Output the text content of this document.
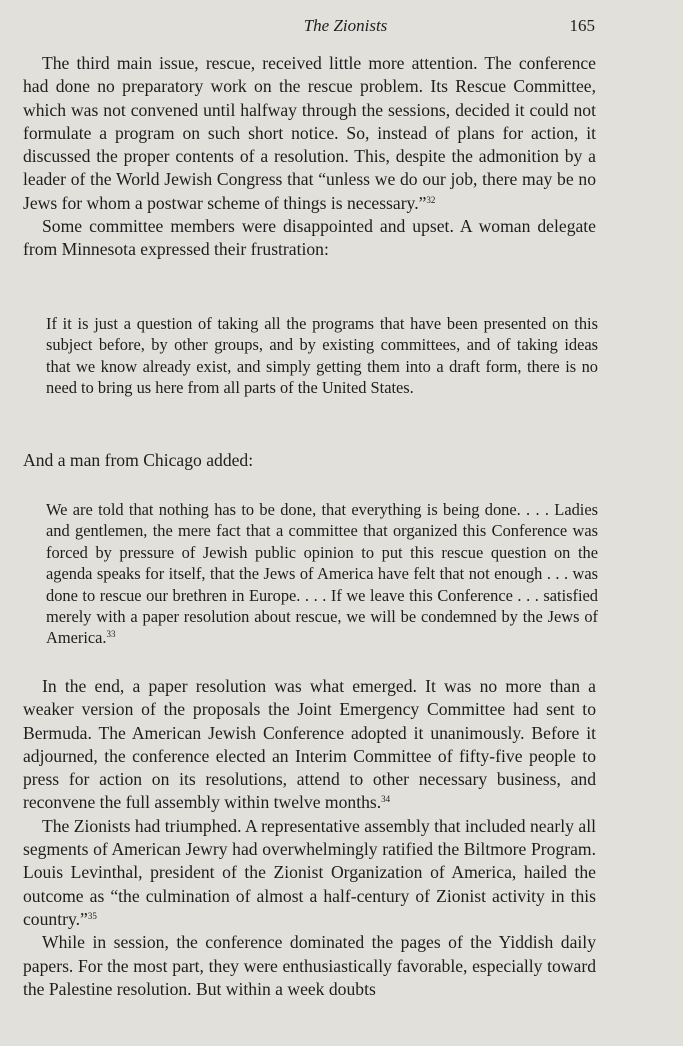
The Zionists	165

The third main issue, rescue, received little more attention. The conference had done no preparatory work on the rescue problem. Its Rescue Committee, which was not convened until halfway through the sessions, decided it could not formulate a program on such short notice. So, instead of plans for action, it discussed the proper contents of a resolution. This, despite the admonition by a leader of the World Jewish Congress that “unless we do our job, there may be no Jews for whom a postwar scheme of things is necessary.”$^{32}$

Some committee members were disappointed and upset. A woman delegate from Minnesota expressed their frustration:

If it is just a question of taking all the programs that have been presented on this subject before, by other groups, and by existing committees, and of taking ideas that we know already exist, and simply getting them into a draft form, there is no need to bring us here from all parts of the United States.

And a man from Chicago added:

We are told that nothing has to be done, that everything is being done. . . . Ladies and gentlemen, the mere fact that a committee that organized this Conference was forced by pressure of Jewish public opinion to put this rescue question on the agenda speaks for itself, that the Jews of America have felt that not enough . . . was done to rescue our brethren in Europe. . . . If we leave this Conference . . . satisfied merely with a paper resolution about rescue, we will be condemned by the Jews of America.$^{33}$

In the end, a paper resolution was what emerged. It was no more than a weaker version of the proposals the Joint Emergency Committee had sent to Bermuda. The American Jewish Conference adopted it unanimously. Before it adjourned, the conference elected an Interim Committee of fifty-five people to press for action on its resolutions, attend to other necessary business, and reconvene the full assembly within twelve months.$^{34}$

The Zionists had triumphed. A representative assembly that included nearly all segments of American Jewry had overwhelmingly ratified the Biltmore Program. Louis Levinthal, president of the Zionist Organization of America, hailed the outcome as “the culmination of almost a half-century of Zionist activity in this country.”$^{35}$

While in session, the conference dominated the pages of the Yiddish daily papers. For the most part, they were enthusiastically favorable, especially toward the Palestine resolution. But within a week doubts
